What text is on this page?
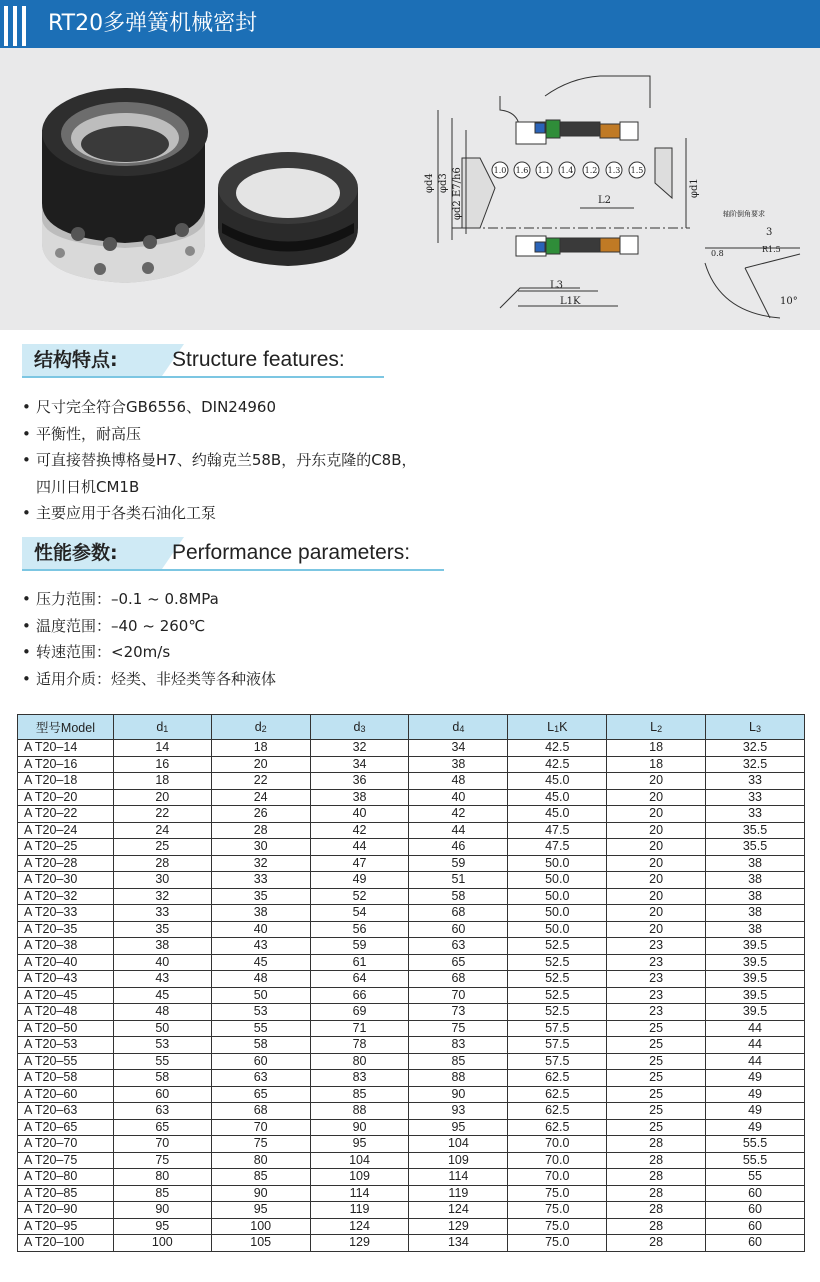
RT20多弹簧机械密封
φd4 φd3 φd2 E7/h6	φd1
L2
L3
L1K
3
R1.5
0.8
10°
轴阶倒角要求
1.0 1.6 1.1 1.4 1.2 1.3 1.5
结构特点:	Structure features:
• 尺寸完全符合GB6556、DIN24960
• 平衡性，耐高压
• 可直接替换博格曼H7、约翰克兰58B，丹东克隆的C8B，
四川日机CM1B
• 主要应用于各类石油化工泵
性能参数:	Performance parameters:
• 压力范围：–0.1 ~ 0.8MPa
• 温度范围：–40 ~ 260℃
• 转速范围：<20m/s
• 适用介质：烃类、非烃类等各种液体
型号Model	d1	d2	d3	d4	L1K	L2	L3
A T20–14	14	18	32	34	42.5	18	32.5
A T20–16	16	20	34	38	42.5	18	32.5
A T20–18	18	22	36	48	45.0	20	33
A T20–20	20	24	38	40	45.0	20	33
A T20–22	22	26	40	42	45.0	20	33
A T20–24	24	28	42	44	47.5	20	35.5
A T20–25	25	30	44	46	47.5	20	35.5
A T20–28	28	32	47	59	50.0	20	38
A T20–30	30	33	49	51	50.0	20	38
A T20–32	32	35	52	58	50.0	20	38
A T20–33	33	38	54	68	50.0	20	38
A T20–35	35	40	56	60	50.0	20	38
A T20–38	38	43	59	63	52.5	23	39.5
A T20–40	40	45	61	65	52.5	23	39.5
A T20–43	43	48	64	68	52.5	23	39.5
A T20–45	45	50	66	70	52.5	23	39.5
A T20–48	48	53	69	73	52.5	23	39.5
A T20–50	50	55	71	75	57.5	25	44
A T20–53	53	58	78	83	57.5	25	44
A T20–55	55	60	80	85	57.5	25	44
A T20–58	58	63	83	88	62.5	25	49
A T20–60	60	65	85	90	62.5	25	49
A T20–63	63	68	88	93	62.5	25	49
A T20–65	65	70	90	95	62.5	25	49
A T20–70	70	75	95	104	70.0	28	55.5
A T20–75	75	80	104	109	70.0	28	55.5
A T20–80	80	85	109	114	70.0	28	55
A T20–85	85	90	114	119	75.0	28	60
A T20–90	90	95	119	124	75.0	28	60
A T20–95	95	100	124	129	75.0	28	60
A T20–100	100	105	129	134	75.0	28	60
